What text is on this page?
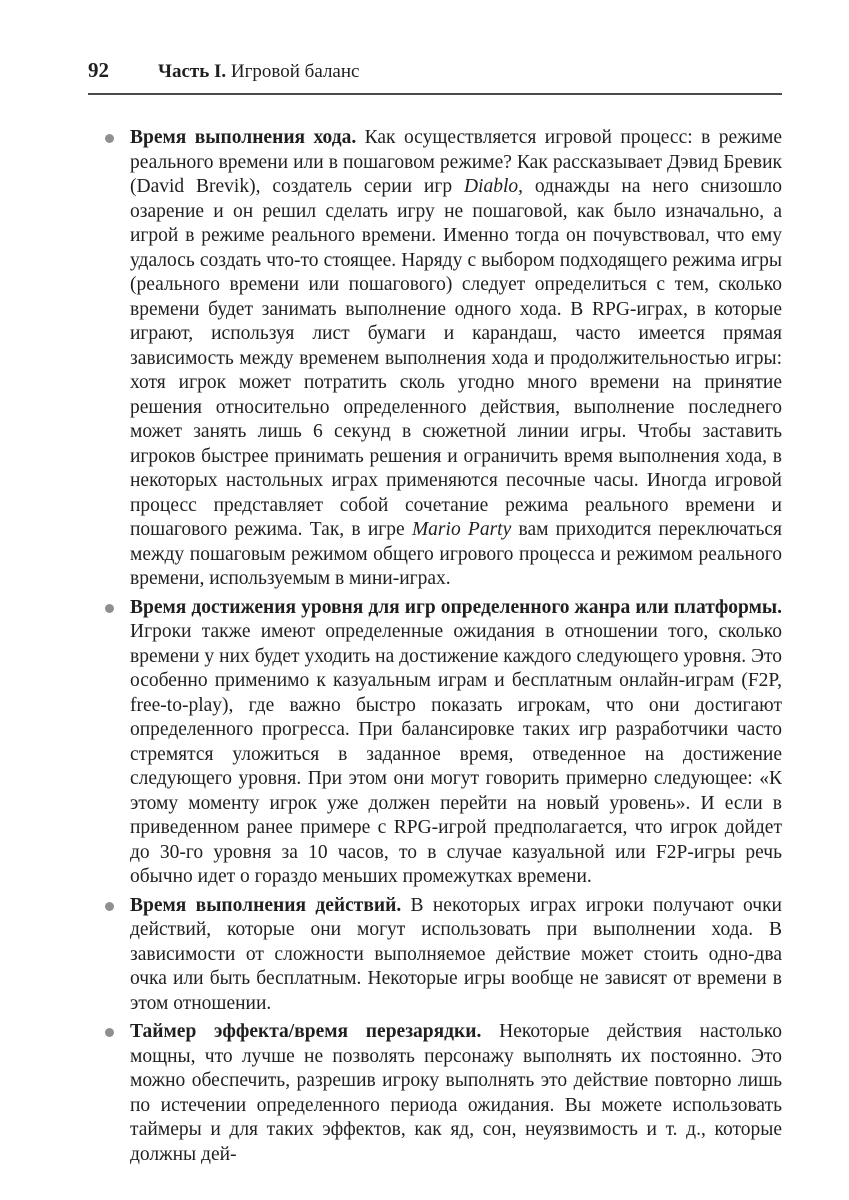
92	Часть I. Игровой баланс
Время выполнения хода. Как осуществляется игровой процесс: в режиме реального времени или в пошаговом режиме? Как рассказывает Дэвид Бревик (David Brevik), создатель серии игр Diablo, однажды на него снизошло озарение и он решил сделать игру не пошаговой, как было изначально, а игрой в режиме реального времени. Именно тогда он почувствовал, что ему удалось создать что-то стоящее. Наряду с выбором подходящего режима игры (реального времени или пошагового) следует определиться с тем, сколько времени будет занимать выполнение одного хода. В RPG-играх, в которые играют, используя лист бумаги и карандаш, часто имеется прямая зависимость между временем выполнения хода и продолжительностью игры: хотя игрок может потратить сколь угодно много времени на принятие решения относительно определенного действия, выполнение последнего может занять лишь 6 секунд в сюжетной линии игры. Чтобы заставить игроков быстрее принимать решения и ограничить время выполнения хода, в некоторых настольных играх применяются песочные часы. Иногда игровой процесс представляет собой сочетание режима реального времени и пошагового режима. Так, в игре Mario Party вам приходится переключаться между пошаговым режимом общего игрового процесса и режимом реального времени, используемым в мини-играх.
Время достижения уровня для игр определенного жанра или платформы. Игроки также имеют определенные ожидания в отношении того, сколько времени у них будет уходить на достижение каждого следующего уровня. Это особенно применимо к казуальным играм и бесплатным онлайн-играм (F2P, free-to-play), где важно быстро показать игрокам, что они достигают определенного прогресса. При балансировке таких игр разработчики часто стремятся уложиться в заданное время, отведенное на достижение следующего уровня. При этом они могут говорить примерно следующее: «К этому моменту игрок уже должен перейти на новый уровень». И если в приведенном ранее примере с RPG-игрой предполагается, что игрок дойдет до 30-го уровня за 10 часов, то в случае казуальной или F2P-игры речь обычно идет о гораздо меньших промежутках времени.
Время выполнения действий. В некоторых играх игроки получают очки действий, которые они могут использовать при выполнении хода. В зависимости от сложности выполняемое действие может стоить одно-два очка или быть бесплатным. Некоторые игры вообще не зависят от времени в этом отношении.
Таймер эффекта/время перезарядки. Некоторые действия настолько мощны, что лучше не позволять персонажу выполнять их постоянно. Это можно обеспечить, разрешив игроку выполнять это действие повторно лишь по истечении определенного периода ожидания. Вы можете использовать таймеры и для таких эффектов, как яд, сон, неуязвимость и т. д., которые должны дей-
